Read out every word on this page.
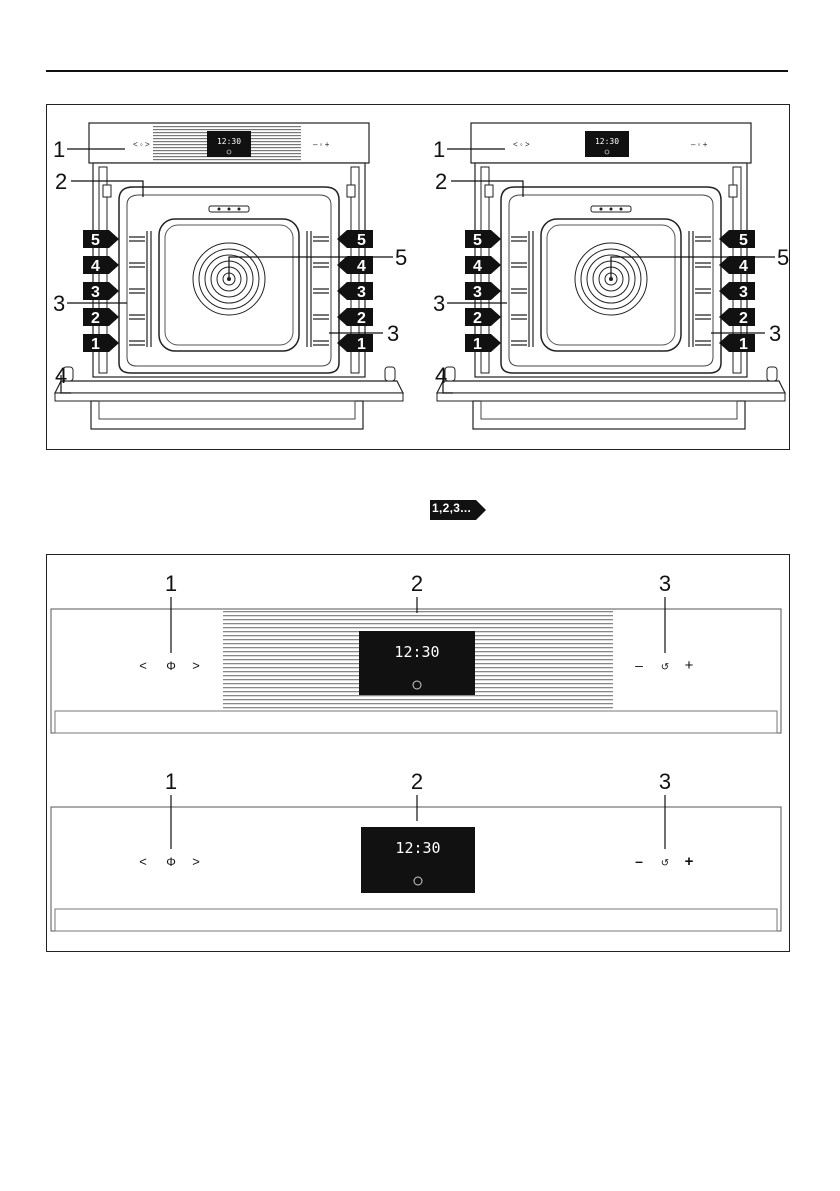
12:30
< ◦ >	– ◦ +	12:30
< ◦ >	– ◦ +
5
4
3
2
1
5
4
3
2
1
5
4
3
2
1
5
4
3
2
1
1
2
3
3
5
4
1
2
3
3
5
4
1,2,3...
12:30
< Φ >	– ↺ +
1	2	3
12:30
< Φ >	– ↺ +
1	2	3
